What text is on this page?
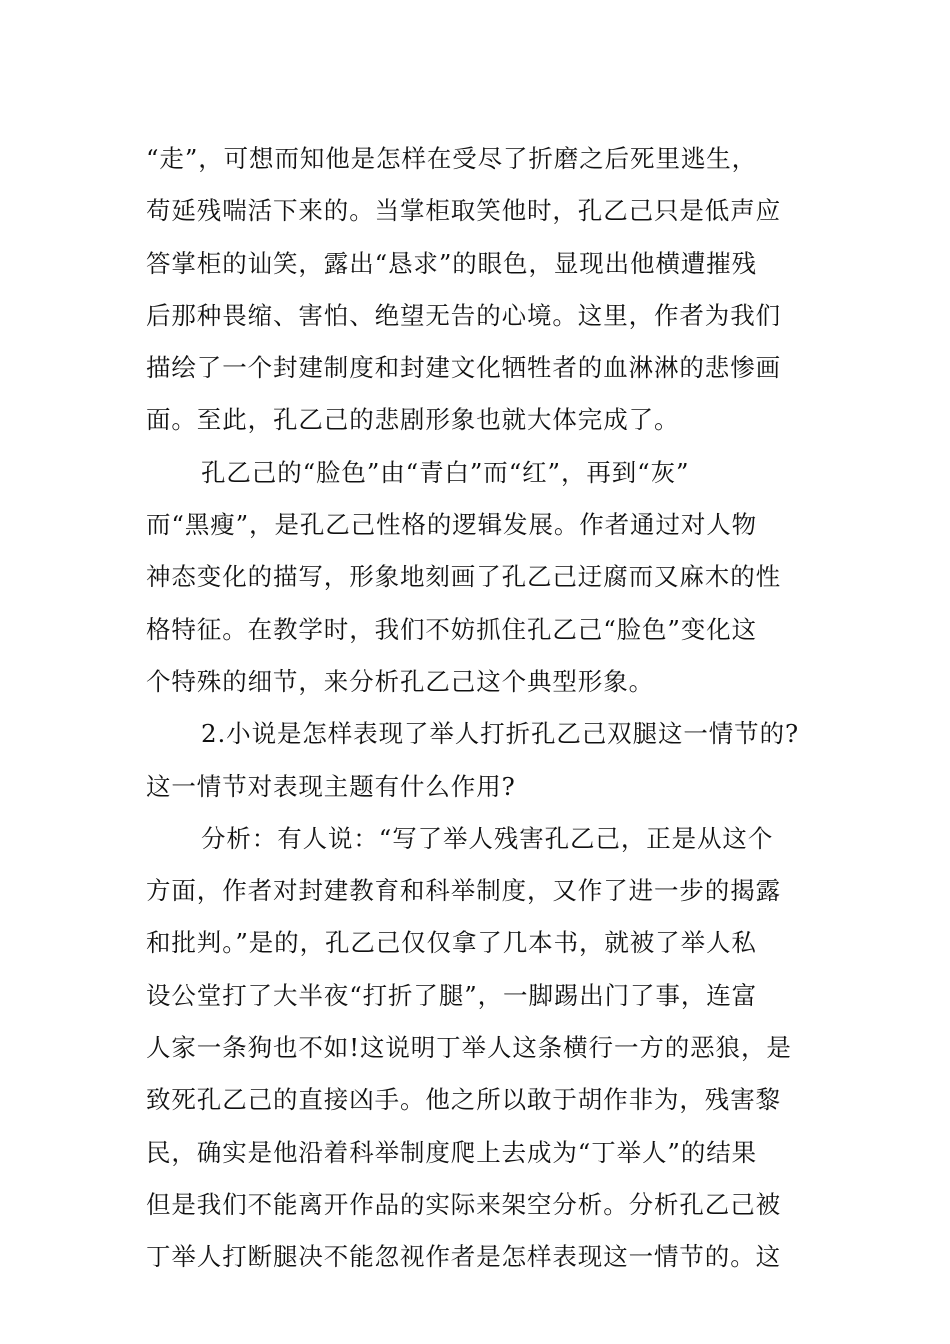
“走”，可想而知他是怎样在受尽了折磨之后死里逃生，
苟延残喘活下来的。当掌柜取笑他时，孔乙己只是低声应
答掌柜的讪笑，露出“恳求”的眼色，显现出他横遭摧残
后那种畏缩、害怕、绝望无告的心境。这里，作者为我们
描绘了一个封建制度和封建文化牺牲者的血淋淋的悲惨画
面。至此，孔乙己的悲剧形象也就大体完成了。
孔乙己的“脸色”由“青白”而“红”，再到“灰”
而“黑瘦”，是孔乙己性格的逻辑发展。作者通过对人物
神态变化的描写，形象地刻画了孔乙己迂腐而又麻木的性
格特征。在教学时，我们不妨抓住孔乙己“脸色”变化这
个特殊的细节，来分析孔乙己这个典型形象。
2.小说是怎样表现了举人打折孔乙己双腿这一情节的?
这一情节对表现主题有什么作用?
分析：有人说：“写了举人残害孔乙己，正是从这个
方面，作者对封建教育和科举制度，又作了进一步的揭露
和批判。”是的，孔乙己仅仅拿了几本书，就被了举人私
设公堂打了大半夜“打折了腿”，一脚踢出门了事，连富
人家一条狗也不如!这说明丁举人这条横行一方的恶狼，是
致死孔乙己的直接凶手。他之所以敢于胡作非为，残害黎
民，确实是他沿着科举制度爬上去成为“丁举人”的结果
但是我们不能离开作品的实际来架空分析。分析孔乙己被
丁举人打断腿决不能忽视作者是怎样表现这一情节的。这
